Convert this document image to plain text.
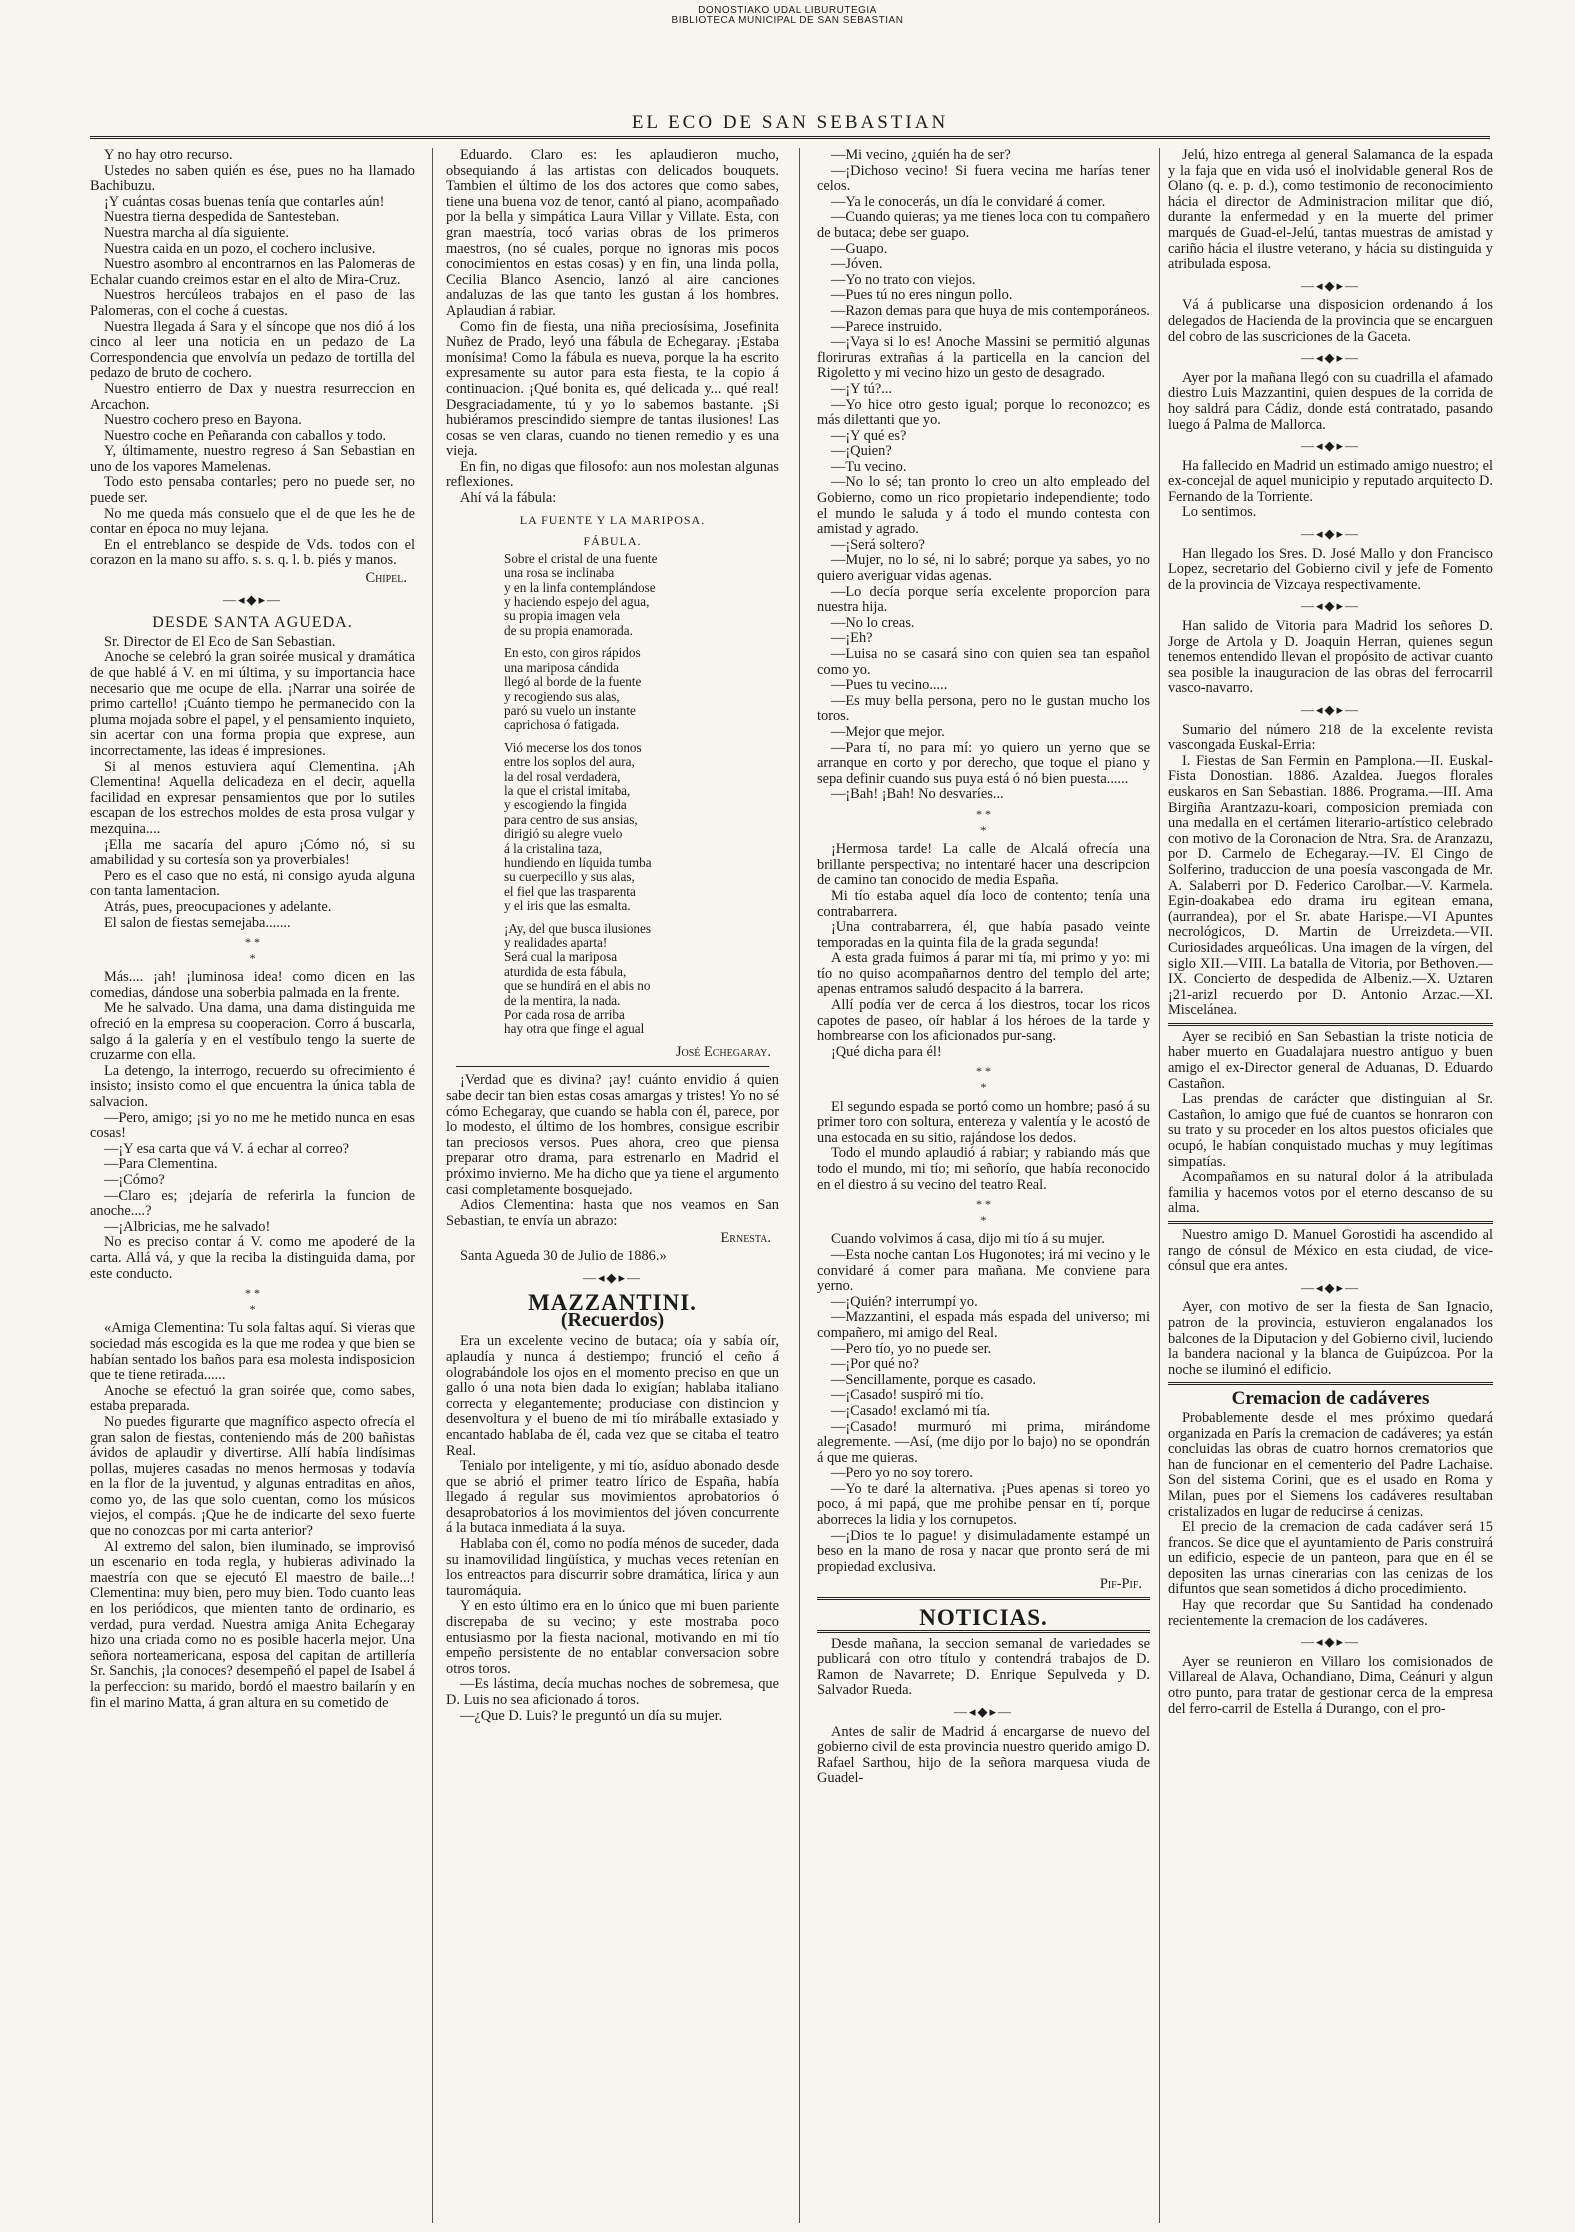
DONOSTIAKO UDAL LIBURUTEGIA
BIBLIOTECA MUNICIPAL DE SAN SEBASTIAN
EL ECO DE SAN SEBASTIAN

Y no hay otro recurso.

Ustedes no saben quién es ése, pues no ha llamado Bachibuzu.

¡Y cuántas cosas buenas tenía que contarles aún!

Nuestra tierna despedida de Santesteban.

Nuestra marcha al día siguiente.

Nuestra caida en un pozo, el cochero inclusive.

Nuestro asombro al encontrarnos en las Palomeras de Echalar cuando creimos estar en el alto de Mira-Cruz.

Nuestros hercúleos trabajos en el paso de las Palomeras, con el coche á cuestas.

Nuestra llegada á Sara y el síncope que nos dió á los cinco al leer una noticia en un pedazo de La Correspondencia que envolvía un pedazo de tortilla del pedazo de bruto de cochero.

Nuestro entierro de Dax y nuestra resurreccion en Arcachon.

Nuestro cochero preso en Bayona.

Nuestro coche en Peñaranda con caballos y todo.

Y, últimamente, nuestro regreso á San Sebastian en uno de los vapores Mamelenas.

Todo esto pensaba contarles; pero no puede ser, no puede ser.

No me queda más consuelo que el de que les he de contar en época no muy lejana.

En el entreblanco se despide de Vds. todos con el corazon en la mano su affo. s. s. q. l. b. piés y manos.

Chipel.

—◂◆▸—
DESDE SANTA AGUEDA.

Sr. Director de El Eco de San Sebastian.

Anoche se celebró la gran soirée musical y dramática de que hablé á V. en mi última, y su importancia hace necesario que me ocupe de ella. ¡Narrar una soirée de primo cartello! ¡Cuánto tiempo he permanecido con la pluma mojada sobre el papel, y el pensamiento inquieto, sin acertar con una forma propia que exprese, aun incorrectamente, las ideas é impresiones.

Si al menos estuviera aquí Clementina. ¡Ah Clementina! Aquella delicadeza en el decir, aquella facilidad en expresar pensamientos que por lo sutiles escapan de los estrechos moldes de esta prosa vulgar y mezquina....

¡Ella me sacaría del apuro ¡Cómo nó, si su amabilidad y su cortesía son ya proverbiales!

Pero es el caso que no está, ni consigo ayuda alguna con tanta lamentacion.

Atrás, pues, preocupaciones y adelante.

El salon de fiestas semejaba.......

* *
*

Más.... ¡ah! ¡luminosa idea! como dicen en las comedias, dándose una soberbia palmada en la frente.

Me he salvado. Una dama, una dama distinguida me ofreció en la empresa su cooperacion. Corro á buscarla, salgo á la galería y en el vestíbulo tengo la suerte de cruzarme con ella.

La detengo, la interrogo, recuerdo su ofrecimiento é insisto; insisto como el que encuentra la única tabla de salvacion.

—Pero, amigo; ¡si yo no me he metido nunca en esas cosas!

—¡Y esa carta que vá V. á echar al correo?

—Para Clementina.

—¡Cómo?

—Claro es; ¡dejaría de referirla la funcion de anoche....?

—¡Albricias, me he salvado!

No es preciso contar á V. como me apoderé de la carta. Allá vá, y que la reciba la distinguida dama, por este conducto.

* *
*

«Amiga Clementina: Tu sola faltas aquí. Si vieras que sociedad más escogida es la que me rodea y que bien se habían sentado los baños para esa molesta indisposicion que te tiene retirada......

Anoche se efectuó la gran soirée que, como sabes, estaba preparada.

No puedes figurarte que magnífico aspecto ofrecía el gran salon de fiestas, conteniendo más de 200 bañistas ávidos de aplaudir y divertirse. Allí había lindísimas pollas, mujeres casadas no menos hermosas y todavía en la flor de la juventud, y algunas entraditas en años, como yo, de las que solo cuentan, como los músicos viejos, el compás. ¡Que he de indicarte del sexo fuerte que no conozcas por mi carta anterior?

Al extremo del salon, bien iluminado, se improvisó un escenario en toda regla, y hubieras adivinado la maestría con que se ejecutó El maestro de baile...! Clementina: muy bien, pero muy bien. Todo cuanto leas en los periódicos, que mienten tanto de ordinario, es verdad, pura verdad. Nuestra amiga Anita Echegaray hizo una criada como no es posible hacerla mejor. Una señora norteamericana, esposa del capitan de artillería Sr. Sanchis, ¡la conoces? desempeñó el papel de Isabel á la perfeccion: su marido, bordó el maestro bailarín y en fin el marino Matta, á gran altura en su cometido de

Eduardo. Claro es: les aplaudieron mucho, obsequiando á las artistas con delicados bouquets. Tambien el último de los dos actores que como sabes, tiene una buena voz de tenor, cantó al piano, acompañado por la bella y simpática Laura Villar y Villate. Esta, con gran maestría, tocó varias obras de los primeros maestros, (no sé cuales, porque no ignoras mis pocos conocimientos en estas cosas) y en fin, una linda polla, Cecilia Blanco Asencio, lanzó al aire canciones andaluzas de las que tanto les gustan á los hombres. Aplaudian á rabiar.

Como fin de fiesta, una niña preciosísima, Josefinita Nuñez de Prado, leyó una fábula de Echegaray. ¡Estaba monísima! Como la fábula es nueva, porque la ha escrito expresamente su autor para esta fiesta, te la copio á continuacion. ¡Qué bonita es, qué delicada y... qué real! Desgraciadamente, tú y yo lo sabemos bastante. ¡Si hubiéramos prescindido siempre de tantas ilusiones! Las cosas se ven claras, cuando no tienen remedio y es una vieja.

En fin, no digas que filosofo: aun nos molestan algunas reflexiones.

Ahí vá la fábula:

LA FUENTE Y LA MARIPOSA.
FÁBULA.

Sobre el cristal de una fuente

una rosa se inclinaba

y en la linfa contemplándose

y haciendo espejo del agua,

su propia imagen vela

de su propia enamorada.

En esto, con giros rápidos

una mariposa cándida

llegó al borde de la fuente

y recogiendo sus alas,

paró su vuelo un instante

caprichosa ó fatigada.

Vió mecerse los dos tonos

entre los soplos del aura,

la del rosal verdadera,

la que el cristal imitaba,

y escogiendo la fingida

para centro de sus ansias,

dirigió su alegre vuelo

á la cristalina taza,

hundiendo en líquida tumba

su cuerpecillo y sus alas,

el fiel que las trasparenta

y el iris que las esmalta.

¡Ay, del que busca ilusiones

y realidades aparta!

Será cual la mariposa

aturdida de esta fábula,

que se hundirá en el abis no

de la mentira, la nada.

Por cada rosa de arriba

hay otra que finge el agual

José Echegaray.

¡Verdad que es divina? ¡ay! cuánto envidio á quien sabe decir tan bien estas cosas amargas y tristes! Yo no sé cómo Echegaray, que cuando se habla con él, parece, por lo modesto, el último de los hombres, consigue escribir tan preciosos versos. Pues ahora, creo que piensa preparar otro drama, para estrenarlo en Madrid el próximo invierno. Me ha dicho que ya tiene el argumento casi completamente bosquejado.

Adios Clementina: hasta que nos veamos en San Sebastian, te envía un abrazo:

Ernesta.

Santa Agueda 30 de Julio de 1886.»

—◂◆▸—
MAZZANTINI.
(Recuerdos)

Era un excelente vecino de butaca; oía y sabía oír, aplaudía y nunca á destiempo; frunció el ceño á olograbándole los ojos en el momento preciso en que un gallo ó una nota bien dada lo exigían; hablaba italiano correcta y elegantemente; produciase con distincion y desenvoltura y el bueno de mi tío miráballe extasiado y encantado hablaba de él, cada vez que se citaba el teatro Real.

Tenialo por inteligente, y mi tío, asíduo abonado desde que se abrió el primer teatro lírico de España, había llegado á regular sus movimientos aprobatorios ó desaprobatorios á los movimientos del jóven concurrente á la butaca inmediata á la suya.

Hablaba con él, como no podía ménos de suceder, dada su inamovilidad lingüística, y muchas veces retenían en los entreactos para discurrir sobre dramática, lírica y aun tauromáquia.

Y en esto último era en lo único que mi buen pariente discrepaba de su vecino; y este mostraba poco entusiasmo por la fiesta nacional, motivando en mi tío empeño persistente de no entablar conversacion sobre otros toros.

—Es lástima, decía muchas noches de sobremesa, que D. Luis no sea aficionado á toros.

—¿Que D. Luis? le preguntó un día su mujer.

—Mi vecino, ¿quién ha de ser?

—¡Dichoso vecino! Si fuera vecina me harías tener celos.

—Ya le conocerás, un día le convidaré á comer.

—Cuando quieras; ya me tienes loca con tu compañero de butaca; debe ser guapo.

—Guapo.

—Jóven.

—Yo no trato con viejos.

—Pues tú no eres ningun pollo.

—Razon demas para que huya de mis contemporáneos.

—Parece instruido.

—¡Vaya si lo es! Anoche Massini se permitió algunas floriruras extrañas á la particella en la cancion del Rigoletto y mi vecino hizo un gesto de desagrado.

—¡Y tú?...

—Yo hice otro gesto igual; porque lo reconozco; es más dilettanti que yo.

—¡Y qué es?

—¡Quien?

—Tu vecino.

—No lo sé; tan pronto lo creo un alto empleado del Gobierno, como un rico propietario independiente; todo el mundo le saluda y á todo el mundo contesta con amistad y agrado.

—¡Será soltero?

—Mujer, no lo sé, ni lo sabré; porque ya sabes, yo no quiero averiguar vidas agenas.

—Lo decía porque sería excelente proporcion para nuestra hija.

—No lo creas.

—¡Eh?

—Luisa no se casará sino con quien sea tan español como yo.

—Pues tu vecino.....

—Es muy bella persona, pero no le gustan mucho los toros.

—Mejor que mejor.

—Para tí, no para mí: yo quiero un yerno que se arranque en corto y por derecho, que toque el piano y sepa definir cuando sus puya está ó nó bien puesta......

—¡Bah! ¡Bah! No desvaríes...

* *
*

¡Hermosa tarde! La calle de Alcalá ofrecía una brillante perspectiva; no intentaré hacer una descripcion de camino tan conocido de media España.

Mi tío estaba aquel día loco de contento; tenía una contrabarrera.

¡Una contrabarrera, él, que había pasado veinte temporadas en la quinta fila de la grada segunda!

A esta grada fuimos á parar mi tía, mi primo y yo: mi tío no quiso acompañarnos dentro del templo del arte; apenas entramos saludó despacito á la barrera.

Allí podía ver de cerca á los diestros, tocar los ricos capotes de paseo, oír hablar á los héroes de la tarde y hombrearse con los aficionados pur-sang.

¡Qué dicha para él!

* *
*

El segundo espada se portó como un hombre; pasó á su primer toro con soltura, entereza y valentía y le acostó de una estocada en su sitio, rajándose los dedos.

Todo el mundo aplaudió á rabiar; y rabiando más que todo el mundo, mi tío; mi señorío, que había reconocido en el diestro á su vecino del teatro Real.

* *
*

Cuando volvimos á casa, dijo mi tío á su mujer.

—Esta noche cantan Los Hugonotes; irá mi vecino y le convidaré á comer para mañana. Me conviene para yerno.

—¡Quién? interrumpí yo.

—Mazzantini, el espada más espada del universo; mi compañero, mi amigo del Real.

—Pero tío, yo no puede ser.

—¡Por qué no?

—Sencillamente, porque es casado.

—¡Casado! suspiró mi tío.

—¡Casado! exclamó mi tía.

—¡Casado! murmuró mi prima, mirándome alegremente. —Así, (me dijo por lo bajo) no se opondrán á que me quieras.

—Pero yo no soy torero.

—Yo te daré la alternativa. ¡Pues apenas si toreo yo poco, á mi papá, que me prohibe pensar en tí, porque aborreces la lidia y los cornupetos.

—¡Dios te lo pague! y disimuladamente estampé un beso en la mano de rosa y nacar que pronto será de mi propiedad exclusiva.

Pif-Pif.

NOTICIAS.

Desde mañana, la seccion semanal de variedades se publicará con otro título y contendrá trabajos de D. Ramon de Navarrete; D. Enrique Sepulveda y D. Salvador Rueda.

—◂◆▸—

Antes de salir de Madrid á encargarse de nuevo del gobierno civil de esta provincia nuestro querido amigo D. Rafael Sarthou, hijo de la señora marquesa viuda de Guadel-

Jelú, hizo entrega al general Salamanca de la espada y la faja que en vida usó el inolvidable general Ros de Olano (q. e. p. d.), como testimonio de reconocimiento hácia el director de Administracion militar que dió, durante la enfermedad y en la muerte del primer marqués de Guad-el-Jelú, tantas muestras de amistad y cariño hácia el ilustre veterano, y hácia su distinguida y atribulada esposa.

—◂◆▸—

Vá á publicarse una disposicion ordenando á los delegados de Hacienda de la provincia que se encarguen del cobro de las suscriciones de la Gaceta.

—◂◆▸—

Ayer por la mañana llegó con su cuadrilla el afamado diestro Luis Mazzantini, quien despues de la corrida de hoy saldrá para Cádiz, donde está contratado, pasando luego á Palma de Mallorca.

—◂◆▸—

Ha fallecido en Madrid un estimado amigo nuestro; el ex-concejal de aquel municipio y reputado arquitecto D. Fernando de la Torriente.

Lo sentimos.

—◂◆▸—

Han llegado los Sres. D. José Mallo y don Francisco Lopez, secretario del Gobierno civil y jefe de Fomento de la provincia de Vizcaya respectivamente.

—◂◆▸—

Han salido de Vitoria para Madrid los señores D. Jorge de Artola y D. Joaquin Herran, quienes segun tenemos entendido llevan el propósito de activar cuanto sea posible la inauguracion de las obras del ferrocarril vasco-navarro.

—◂◆▸—

Sumario del número 218 de la excelente revista vascongada Euskal-Erria:

I. Fiestas de San Fermin en Pamplona.—II. Euskal-Fista Donostian. 1886. Azaldea. Juegos florales euskaros en San Sebastian. 1886. Programa.—III. Ama Birgiña Arantzazu-koari, composicion premiada con una medalla en el certámen literario-artístico celebrado con motivo de la Coronacion de Ntra. Sra. de Aranzazu, por D. Carmelo de Echegaray.—IV. El Cingo de Solferino, traduccion de una poesía vascongada de Mr. A. Salaberri por D. Federico Carolbar.—V. Karmela. Egin-doakabea edo drama iru egitean emana, (aurrandea), por el Sr. abate Harispe.—VI Apuntes necrológicos, D. Martin de Urreizdeta.—VII. Curiosidades arqueólicas. Una imagen de la vírgen, del siglo XII.—VIII. La batalla de Vitoria, por Bethoven.—IX. Concierto de despedida de Albeniz.—X. Uztaren ¡21-arizl recuerdo por D. Antonio Arzac.—XI. Miscelánea.

Ayer se recibió en San Sebastian la triste noticia de haber muerto en Guadalajara nuestro antiguo y buen amigo el ex-Director general de Aduanas, D. Eduardo Castañon.

Las prendas de carácter que distinguian al Sr. Castañon, lo amigo que fué de cuantos se honraron con su trato y su proceder en los altos puestos oficiales que ocupó, le habían conquistado muchas y muy legítimas simpatías.

Acompañamos en su natural dolor á la atribulada familia y hacemos votos por el eterno descanso de su alma.

Nuestro amigo D. Manuel Gorostidi ha ascendido al rango de cónsul de México en esta ciudad, de vice-cónsul que era antes.

—◂◆▸—

Ayer, con motivo de ser la fiesta de San Ignacio, patron de la provincia, estuvieron engalanados los balcones de la Diputacion y del Gobierno civil, luciendo la bandera nacional y la blanca de Guipúzcoa. Por la noche se iluminó el edificio.

Cremacion de cadáveres

Probablemente desde el mes próximo quedará organizada en París la cremacion de cadáveres; ya están concluidas las obras de cuatro hornos crematorios que han de funcionar en el cementerio del Padre Lachaise. Son del sistema Corini, que es el usado en Roma y Milan, pues por el Siemens los cadáveres resultaban cristalizados en lugar de reducirse á cenizas.

El precio de la cremacion de cada cadáver será 15 francos. Se dice que el ayuntamiento de Paris construirá un edificio, especie de un panteon, para que en él se depositen las urnas cinerarias con las cenizas de los difuntos que sean sometidos á dicho procedimiento.

Hay que recordar que Su Santidad ha condenado recientemente la cremacion de los cadáveres.

—◂◆▸—

Ayer se reunieron en Villaro los comisionados de Villareal de Alava, Ochandiano, Dima, Ceánuri y algun otro punto, para tratar de gestionar cerca de la empresa del ferro-carril de Estella á Durango, con el pro-
